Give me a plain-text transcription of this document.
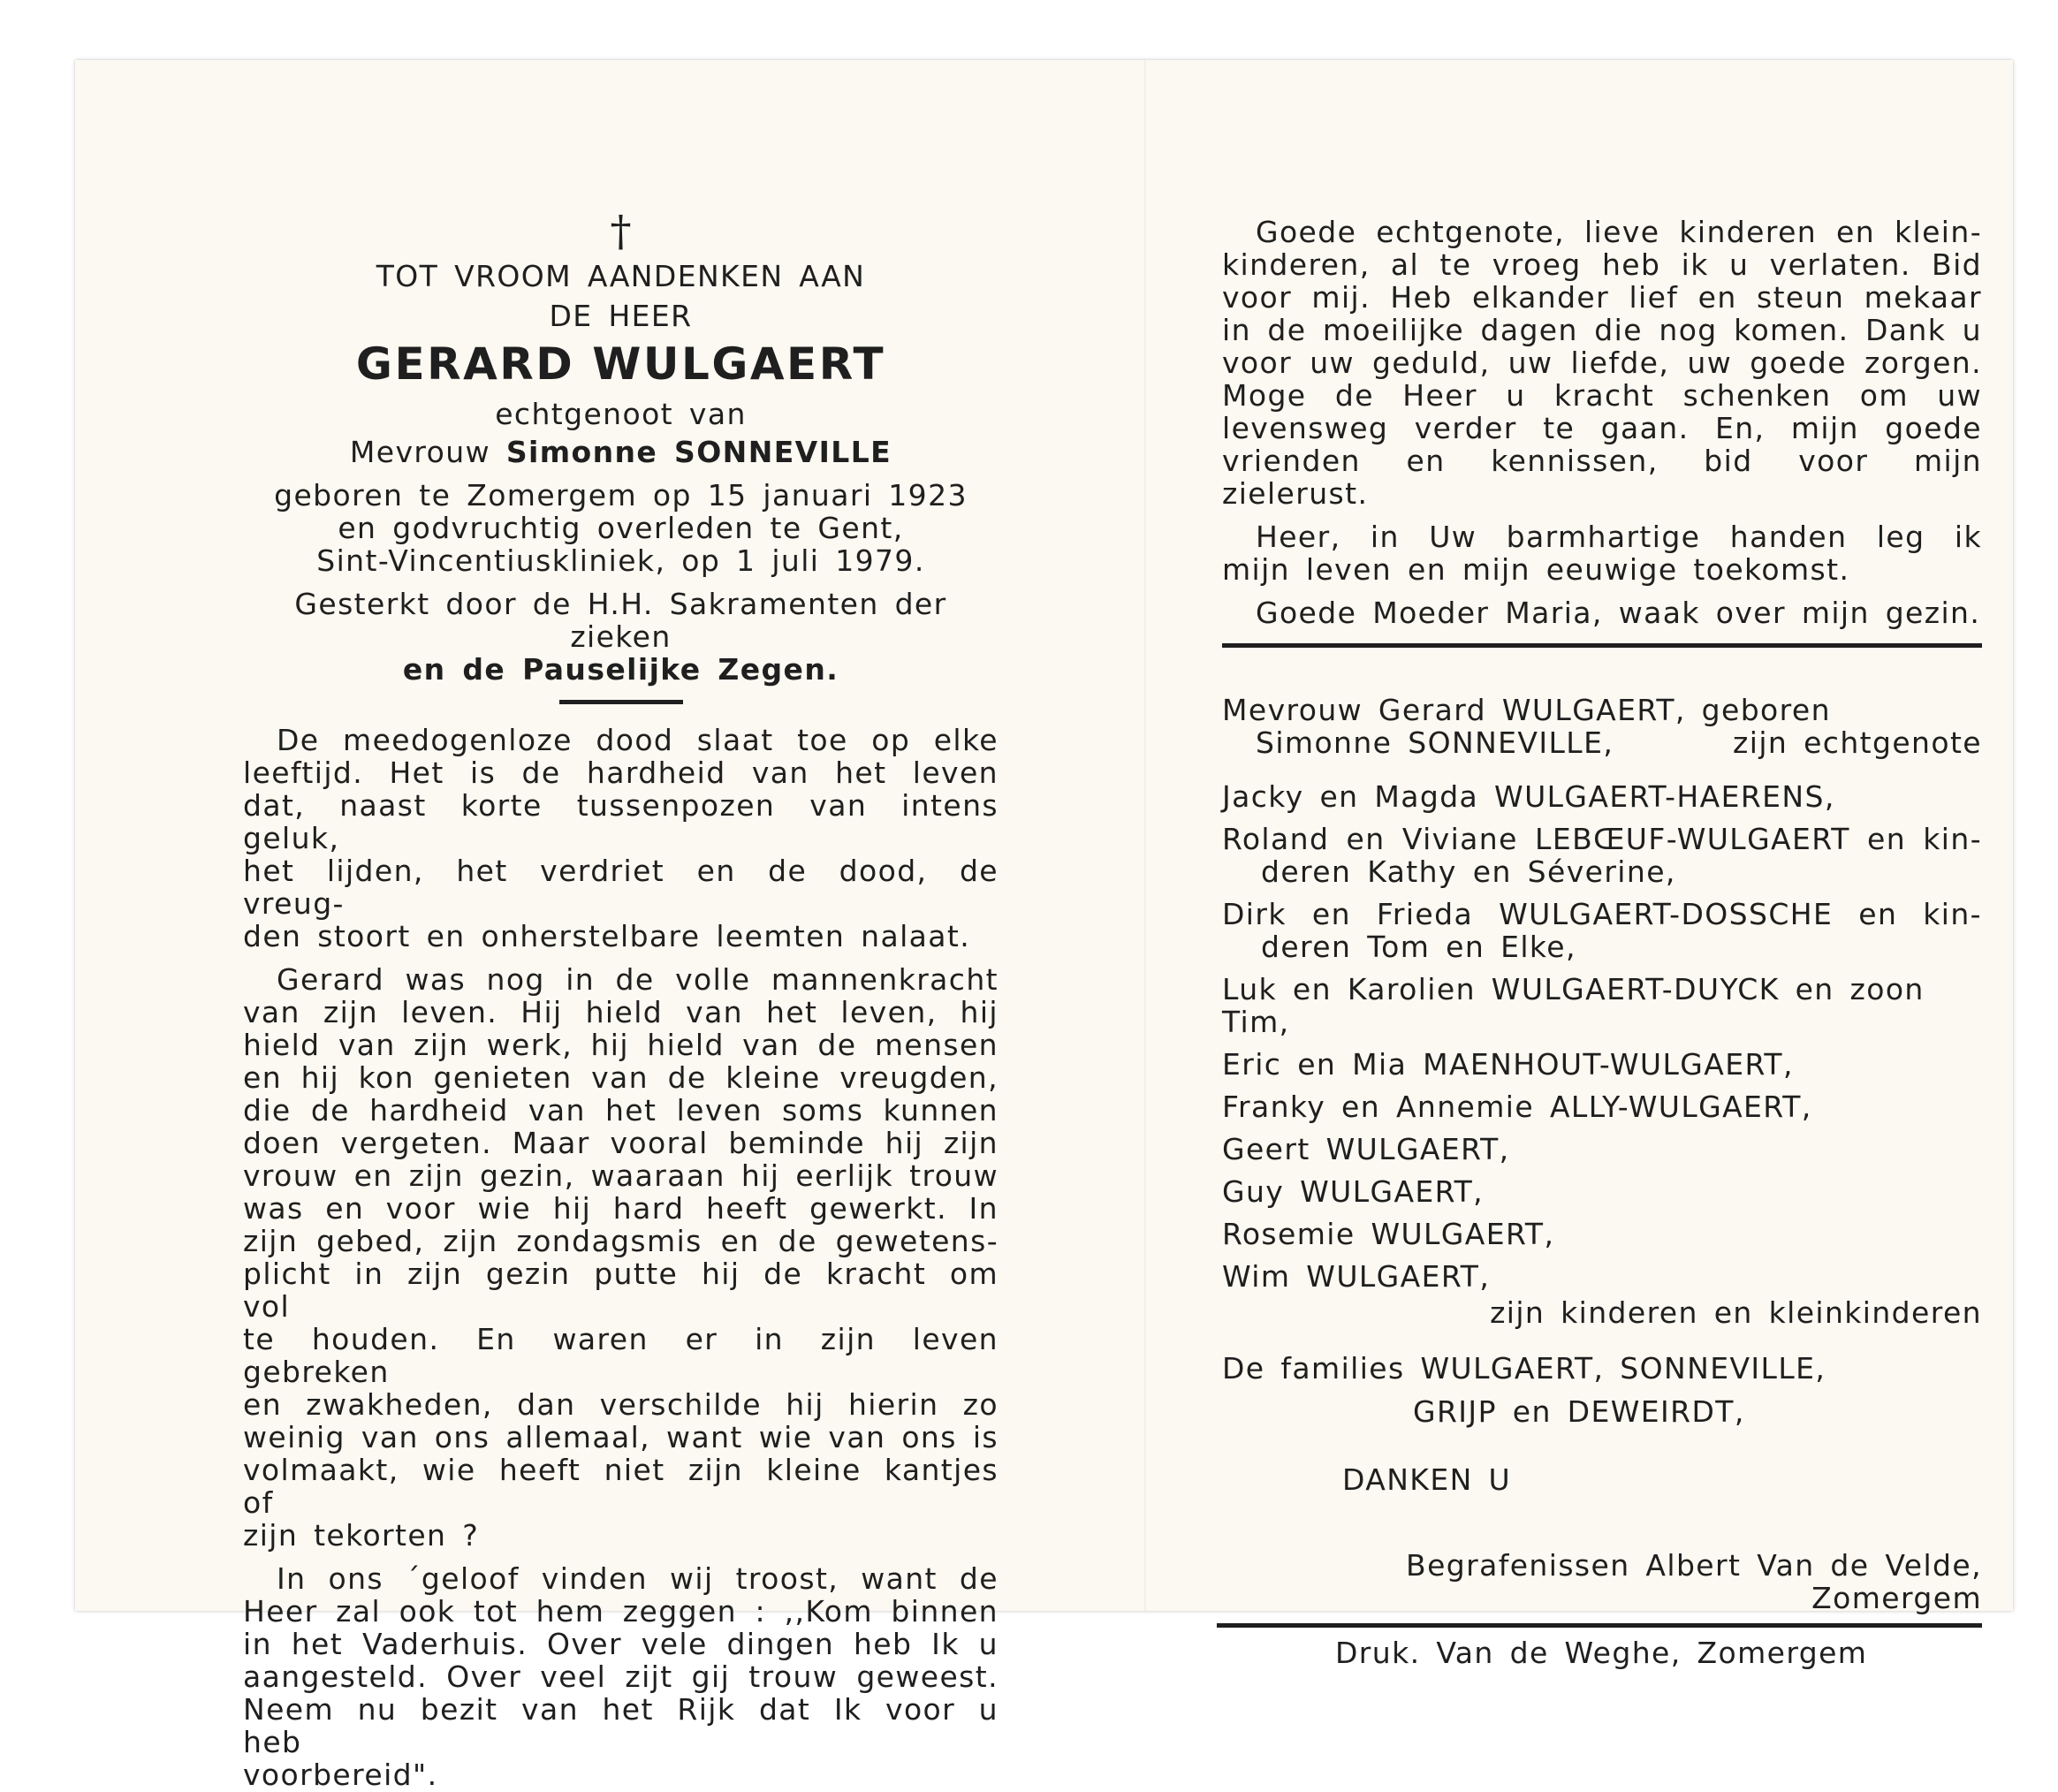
†

TOT VROOM AANDENKEN AAN

DE HEER

GERARD WULGAERT

echtgenoot van

Mevrouw Simonne SONNEVILLE

geboren te Zomergem op 15 januari 1923

en godvruchtig overleden te Gent,

Sint-Vincentiuskliniek, op 1 juli 1979.

Gesterkt door de H.H. Sakramenten der zieken

en de Pauselijke Zegen.

De meedogenloze dood slaat toe op elke

leeftijd. Het is de hardheid van het leven

dat, naast korte tussenpozen van intens geluk,

het lijden, het verdriet en de dood, de vreug-

den stoort en onherstelbare leemten nalaat.

Gerard was nog in de volle mannenkracht

van zijn leven. Hij hield van het leven, hij

hield van zijn werk, hij hield van de mensen

en hij kon genieten van de kleine vreugden,

die de hardheid van het leven soms kunnen

doen vergeten. Maar vooral beminde hij zijn

vrouw en zijn gezin, waaraan hij eerlijk trouw

was en voor wie hij hard heeft gewerkt. In

zijn gebed, zijn zondagsmis en de gewetens-

plicht in zijn gezin putte hij de kracht om vol

te houden. En waren er in zijn leven gebreken

en zwakheden, dan verschilde hij hierin zo

weinig van ons allemaal, want wie van ons is

volmaakt, wie heeft niet zijn kleine kantjes of

zijn tekorten ?

In ons ´geloof vinden wij troost, want de

Heer zal ook tot hem zeggen : ,,Kom binnen

in het Vaderhuis. Over vele dingen heb Ik u

aangesteld. Over veel zijt gij trouw geweest.

Neem nu bezit van het Rijk dat Ik voor u heb

voorbereid".

Goede echtgenote, lieve kinderen en klein-

kinderen, al te vroeg heb ik u verlaten. Bid

voor mij. Heb elkander lief en steun mekaar

in de moeilijke dagen die nog komen. Dank u

voor uw geduld, uw liefde, uw goede zorgen.

Moge de Heer u kracht schenken om uw

levensweg verder te gaan. En, mijn goede

vrienden en kennissen, bid voor mijn zielerust.

Heer, in Uw barmhartige handen leg ik

mijn leven en mijn eeuwige toekomst.

Goede Moeder Maria, waak over mijn gezin.

Mevrouw Gerard WULGAERT, geboren

Simonne SONNEVILLE,	zijn echtgenote

Jacky en Magda WULGAERT-HAERENS,

Roland en Viviane LEBŒUF-WULGAERT en kin-

deren Kathy en Séverine,

Dirk en Frieda WULGAERT-DOSSCHE en kin-

deren Tom en Elke,

Luk en Karolien WULGAERT-DUYCK en zoon Tim,

Eric en Mia MAENHOUT-WULGAERT,

Franky en Annemie ALLY-WULGAERT,

Geert WULGAERT,

Guy WULGAERT,

Rosemie WULGAERT,

Wim WULGAERT,

zijn kinderen en kleinkinderen

De families WULGAERT, SONNEVILLE,

GRIJP en DEWEIRDT,

DANKEN U

Begrafenissen Albert Van de Velde, Zomergem

Druk. Van de Weghe, Zomergem
